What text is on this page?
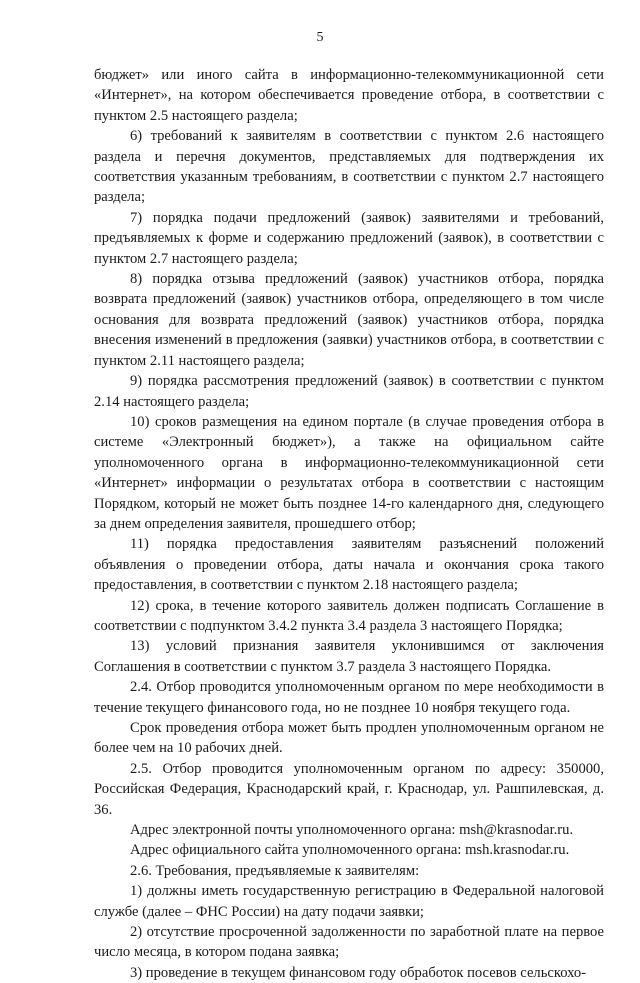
5

бюджет» или иного сайта в информационно-телекоммуникационной сети «Интернет», на котором обеспечивается проведение отбора, в соответствии с пунктом 2.5 настоящего раздела;

6) требований к заявителям в соответствии с пунктом 2.6 настоящего раздела и перечня документов, представляемых для подтверждения их соответствия указанным требованиям, в соответствии с пунктом 2.7 настоящего раздела;

7) порядка подачи предложений (заявок) заявителями и требований, предъявляемых к форме и содержанию предложений (заявок), в соответствии с пунктом 2.7 настоящего раздела;

8) порядка отзыва предложений (заявок) участников отбора, порядка возврата предложений (заявок) участников отбора, определяющего в том числе основания для возврата предложений (заявок) участников отбора, порядка внесения изменений в предложения (заявки) участников отбора, в соответствии с пунктом 2.11 настоящего раздела;

9) порядка рассмотрения предложений (заявок) в соответствии с пунктом 2.14 настоящего раздела;

10) сроков размещения на едином портале (в случае проведения отбора в системе «Электронный бюджет»), а также на официальном сайте уполномоченного органа в информационно-телекоммуникационной сети «Интернет» информации о результатах отбора в соответствии с настоящим Порядком, который не может быть позднее 14-го календарного дня, следующего за днем определения заявителя, прошедшего отбор;

11) порядка предоставления заявителям разъяснений положений объявления о проведении отбора, даты начала и окончания срока такого предоставления, в соответствии с пунктом 2.18 настоящего раздела;

12) срока, в течение которого заявитель должен подписать Соглашение в соответствии с подпунктом 3.4.2 пункта 3.4 раздела 3 настоящего Порядка;

13) условий признания заявителя уклонившимся от заключения Соглашения в соответствии с пунктом 3.7 раздела 3 настоящего Порядка.

2.4. Отбор проводится уполномоченным органом по мере необходимости в течение текущего финансового года, но не позднее 10 ноября текущего года.

Срок проведения отбора может быть продлен уполномоченным органом не более чем на 10 рабочих дней.

2.5. Отбор проводится уполномоченным органом по адресу: 350000, Российская Федерация, Краснодарский край, г. Краснодар, ул. Рашпилевская, д. 36.

Адрес электронной почты уполномоченного органа: msh@krasnodar.ru.

Адрес официального сайта уполномоченного органа: msh.krasnodar.ru.

2.6. Требования, предъявляемые к заявителям:

1) должны иметь государственную регистрацию в Федеральной налоговой службе (далее – ФНС России) на дату подачи заявки;

2) отсутствие просроченной задолженности по заработной плате на первое число месяца, в котором подана заявка;

3) проведение в текущем финансовом году обработок посевов сельскохо-
